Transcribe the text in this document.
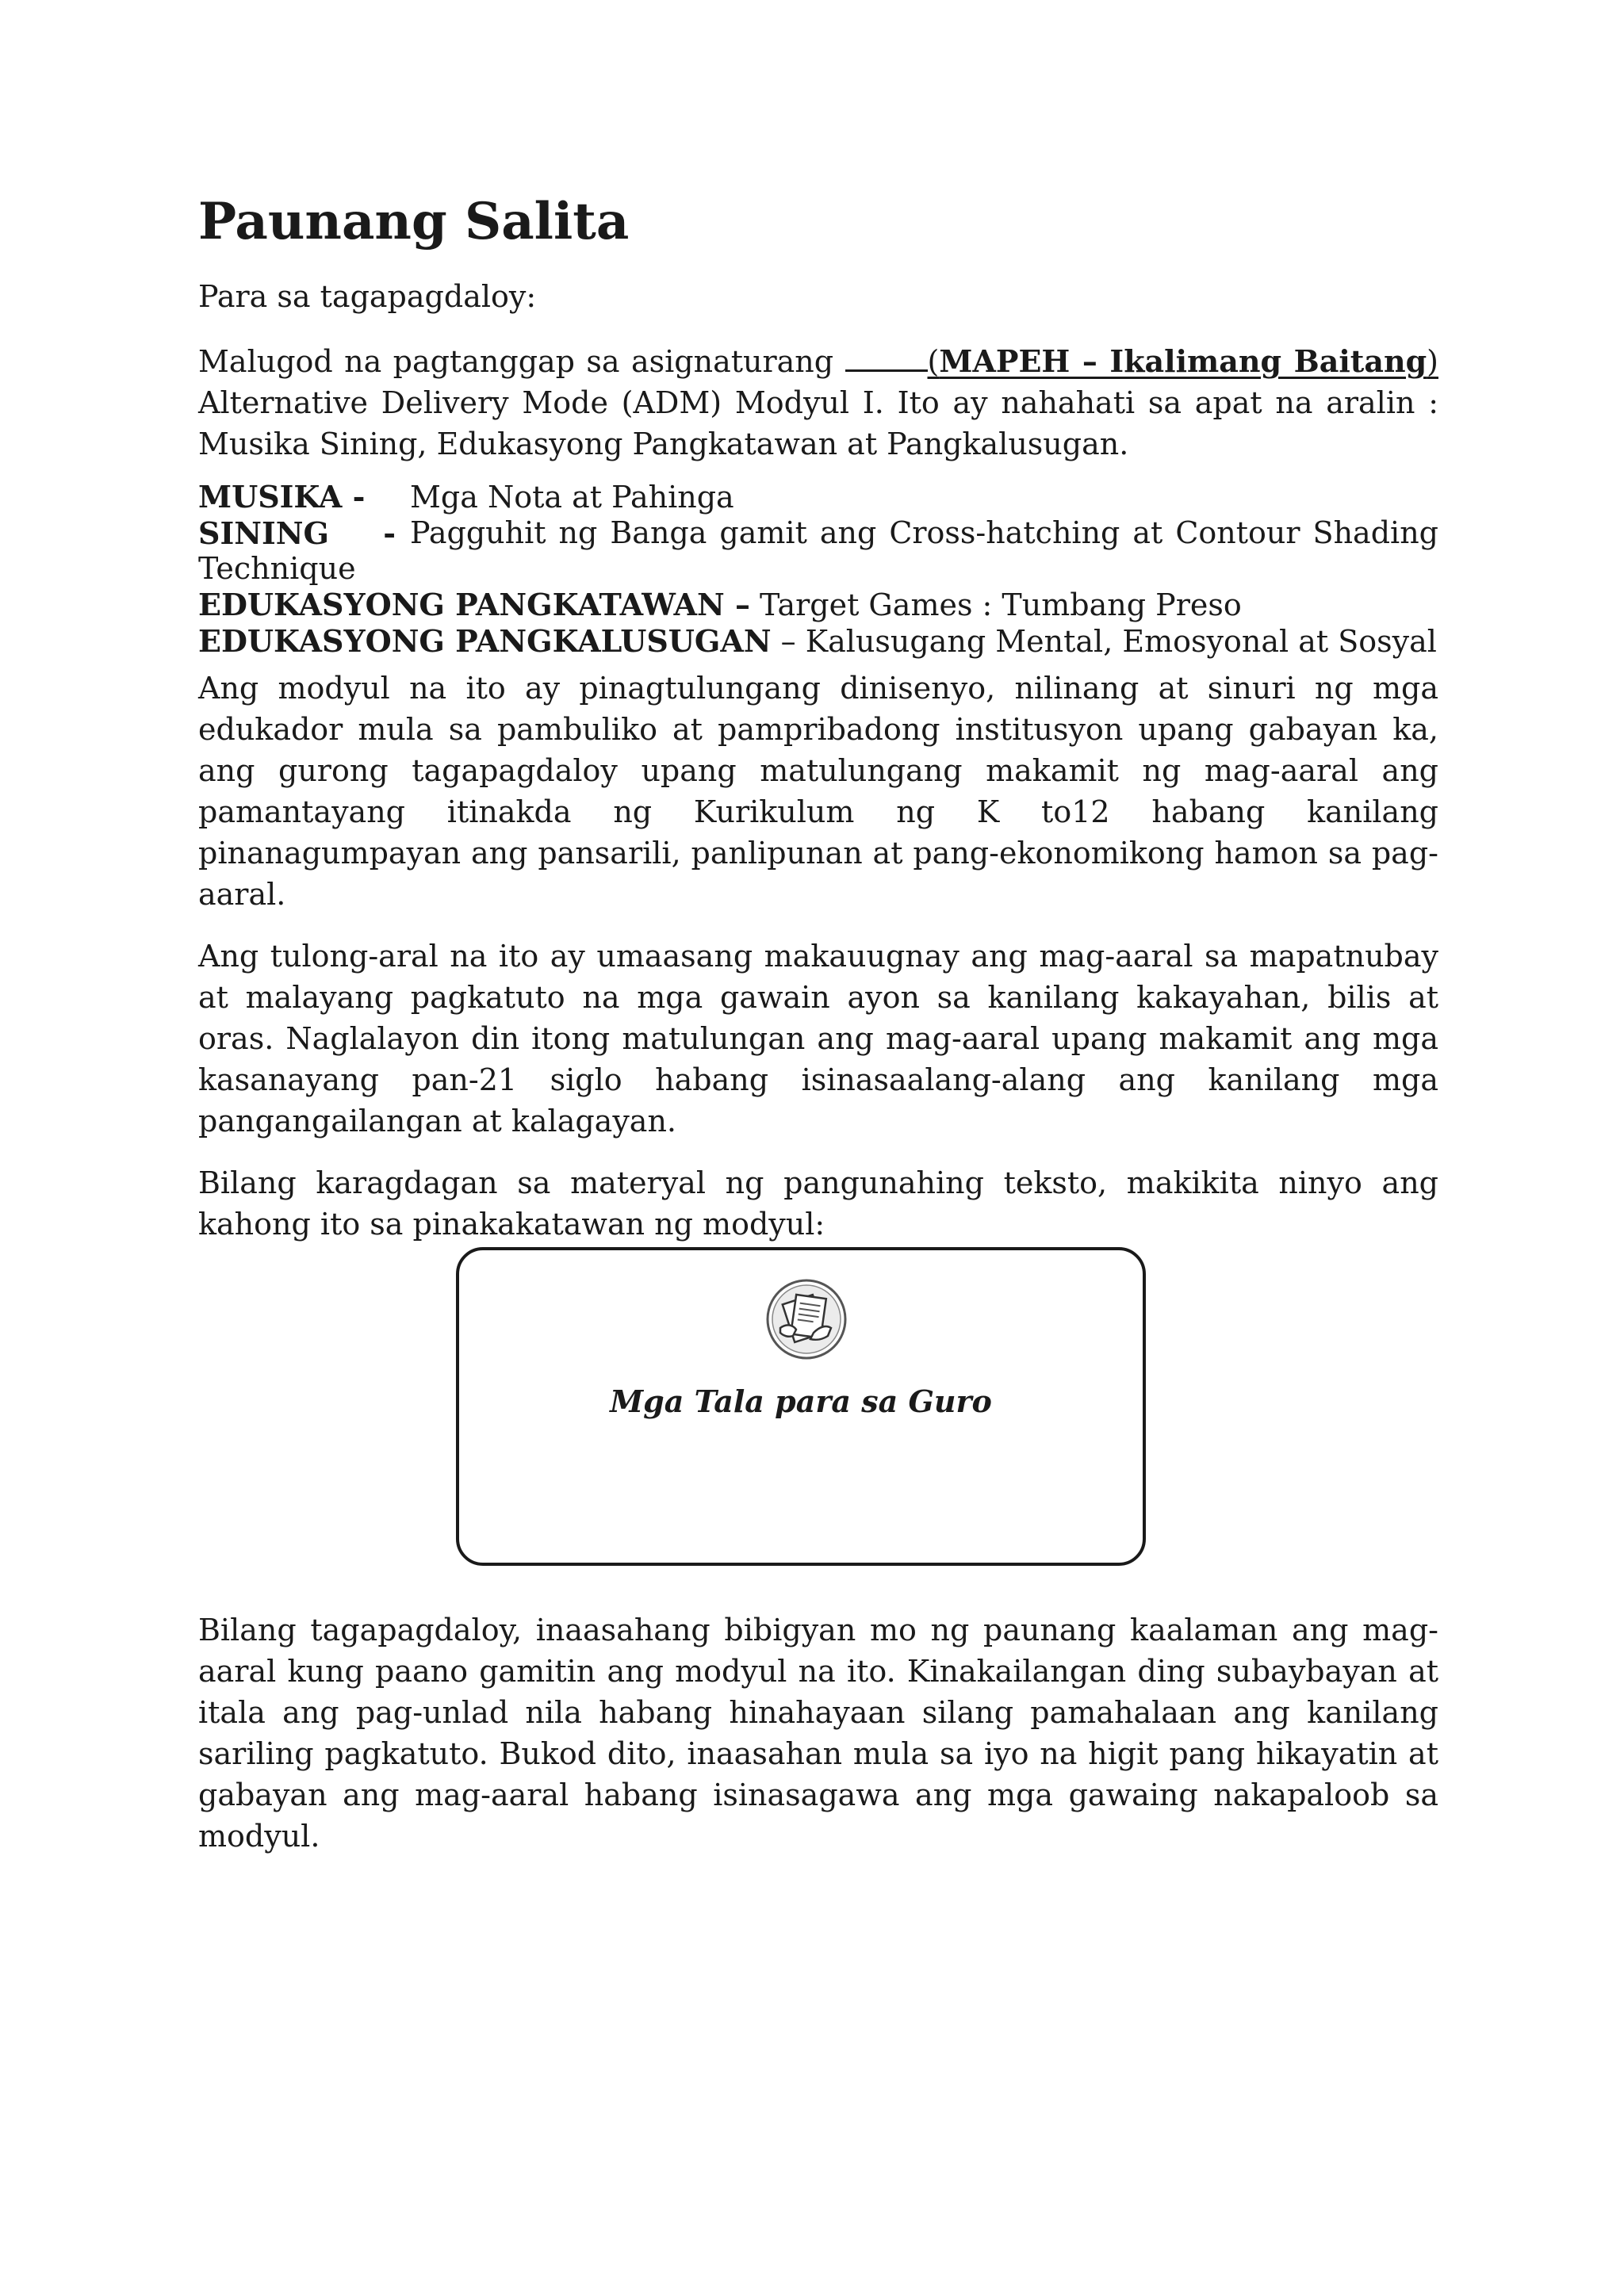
Paunang Salita

Para sa tagapagdaloy:

Malugod na pagtanggap sa asignaturang	(MAPEH – Ikalimang Baitang) Alternative Delivery Mode (ADM) Modyul I. Ito ay nahahati sa apat na aralin : Musika Sining, Edukasyong Pangkatawan at Pangkalusugan.

MUSIKA -	Mga Nota at Pahinga
SINING - Pagguhit ng Banga gamit ang Cross-hatching at Contour Shading
Technique
EDUKASYONG PANGKATAWAN – Target Games : Tumbang Preso
EDUKASYONG PANGKALUSUGAN – Kalusugang Mental, Emosyonal at Sosyal

Ang modyul na ito ay pinagtulungang dinisenyo, nilinang at sinuri ng mga edukador mula sa pambuliko at pampribadong institusyon upang gabayan ka, ang gurong tagapagdaloy upang matulungang makamit ng mag-aaral ang pamantayang itinakda ng Kurikulum ng K to12 habang kanilang pinanagumpayan ang pansarili, panlipunan at pang-ekonomikong hamon sa pag-aaral.

Ang tulong-aral na ito ay umaasang makauugnay ang mag-aaral sa mapatnubay at malayang pagkatuto na mga gawain ayon sa kanilang kakayahan, bilis at oras. Naglalayon din itong matulungan ang mag-aaral upang makamit ang mga kasanayang pan-21 siglo habang isinasaalang-alang ang kanilang mga pangangailangan at kalagayan.

Bilang karagdagan sa materyal ng pangunahing teksto, makikita ninyo ang kahong ito sa pinakakatawan ng modyul:

Mga Tala para sa Guro

Bilang tagapagdaloy, inaasahang bibigyan mo ng paunang kaalaman ang mag-aaral kung paano gamitin ang modyul na ito. Kinakailangan ding subaybayan at itala ang pag-unlad nila habang hinahayaan silang pamahalaan ang kanilang sariling pagkatuto. Bukod dito, inaasahan mula sa iyo na higit pang hikayatin at gabayan ang mag-aaral habang isinasagawa ang mga gawaing nakapaloob sa modyul.
